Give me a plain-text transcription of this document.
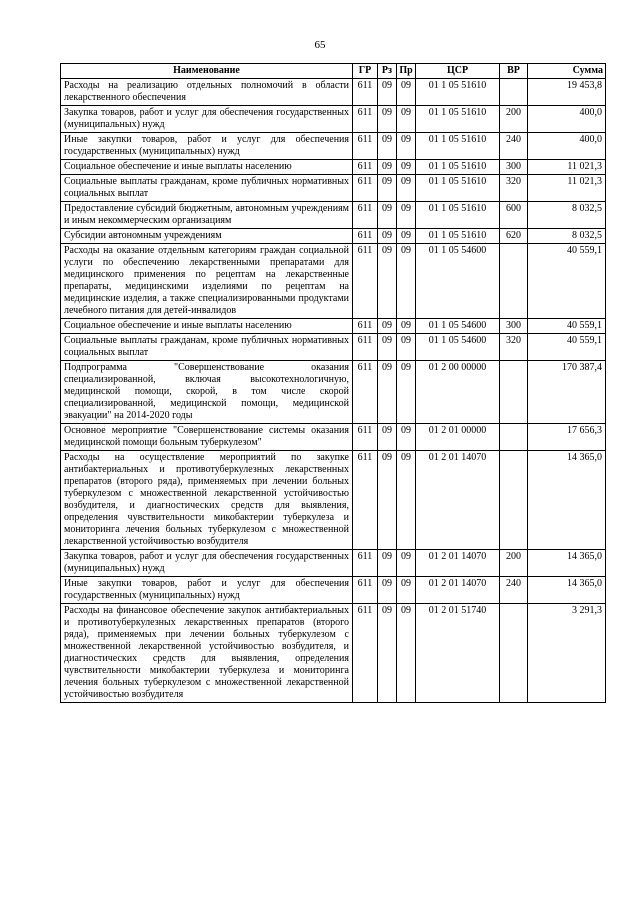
65
Наименование	ГР	Рз	Пр	ЦСР	ВР	Сумма
Расходы на реализацию отдельных полномочий в области лекарственного обеспечения	611	09	09	01 1 05 51610		19 453,8
Закупка товаров, работ и услуг для обеспечения государственных (муниципальных) нужд	611	09	09	01 1 05 51610	200	400,0
Иные закупки товаров, работ и услуг для обеспечения государственных (муниципальных) нужд	611	09	09	01 1 05 51610	240	400,0
Социальное обеспечение и иные выплаты населению	611	09	09	01 1 05 51610	300	11 021,3
Социальные выплаты гражданам, кроме публичных нормативных социальных выплат	611	09	09	01 1 05 51610	320	11 021,3
Предоставление субсидий бюджетным, автономным учреждениям и иным некоммерческим организациям	611	09	09	01 1 05 51610	600	8 032,5
Субсидии автономным учреждениям	611	09	09	01 1 05 51610	620	8 032,5
Расходы на оказание отдельным категориям граждан социальной услуги по обеспечению лекарственными препаратами для медицинского применения по рецептам на лекарственные препараты, медицинскими изделиями по рецептам на медицинские изделия, а также специализированными продуктами лечебного питания для детей-инвалидов	611	09	09	01 1 05 54600		40 559,1
Социальное обеспечение и иные выплаты населению	611	09	09	01 1 05 54600	300	40 559,1
Социальные выплаты гражданам, кроме публичных нормативных социальных выплат	611	09	09	01 1 05 54600	320	40 559,1
Подпрограмма "Совершенствование оказания специализированной, включая высокотехнологичную, медицинской помощи, скорой, в том числе скорой специализированной, медицинской помощи, медицинской эвакуации" на 2014-2020 годы	611	09	09	01 2 00 00000		170 387,4
Основное мероприятие "Совершенствование системы оказания медицинской помощи больным туберкулезом"	611	09	09	01 2 01 00000		17 656,3
Расходы на осуществление мероприятий по закупке антибактериальных и противотуберкулезных лекарственных препаратов (второго ряда), применяемых при лечении больных туберкулезом с множественной лекарственной устойчивостью возбудителя, и диагностических средств для выявления, определения чувствительности микобактерии туберкулеза и мониторинга лечения больных туберкулезом с множественной лекарственной устойчивостью возбудителя	611	09	09	01 2 01 14070		14 365,0
Закупка товаров, работ и услуг для обеспечения государственных (муниципальных) нужд	611	09	09	01 2 01 14070	200	14 365,0
Иные закупки товаров, работ и услуг для обеспечения государственных (муниципальных) нужд	611	09	09	01 2 01 14070	240	14 365,0
Расходы на финансовое обеспечение закупок антибактериальных и противотуберкулезных лекарственных препаратов (второго ряда), применяемых при лечении больных туберкулезом с множественной лекарственной устойчивостью возбудителя, и диагностических средств для выявления, определения чувствительности микобактерии туберкулеза и мониторинга лечения больных туберкулезом с множественной лекарственной устойчивостью возбудителя	611	09	09	01 2 01 51740		3 291,3
